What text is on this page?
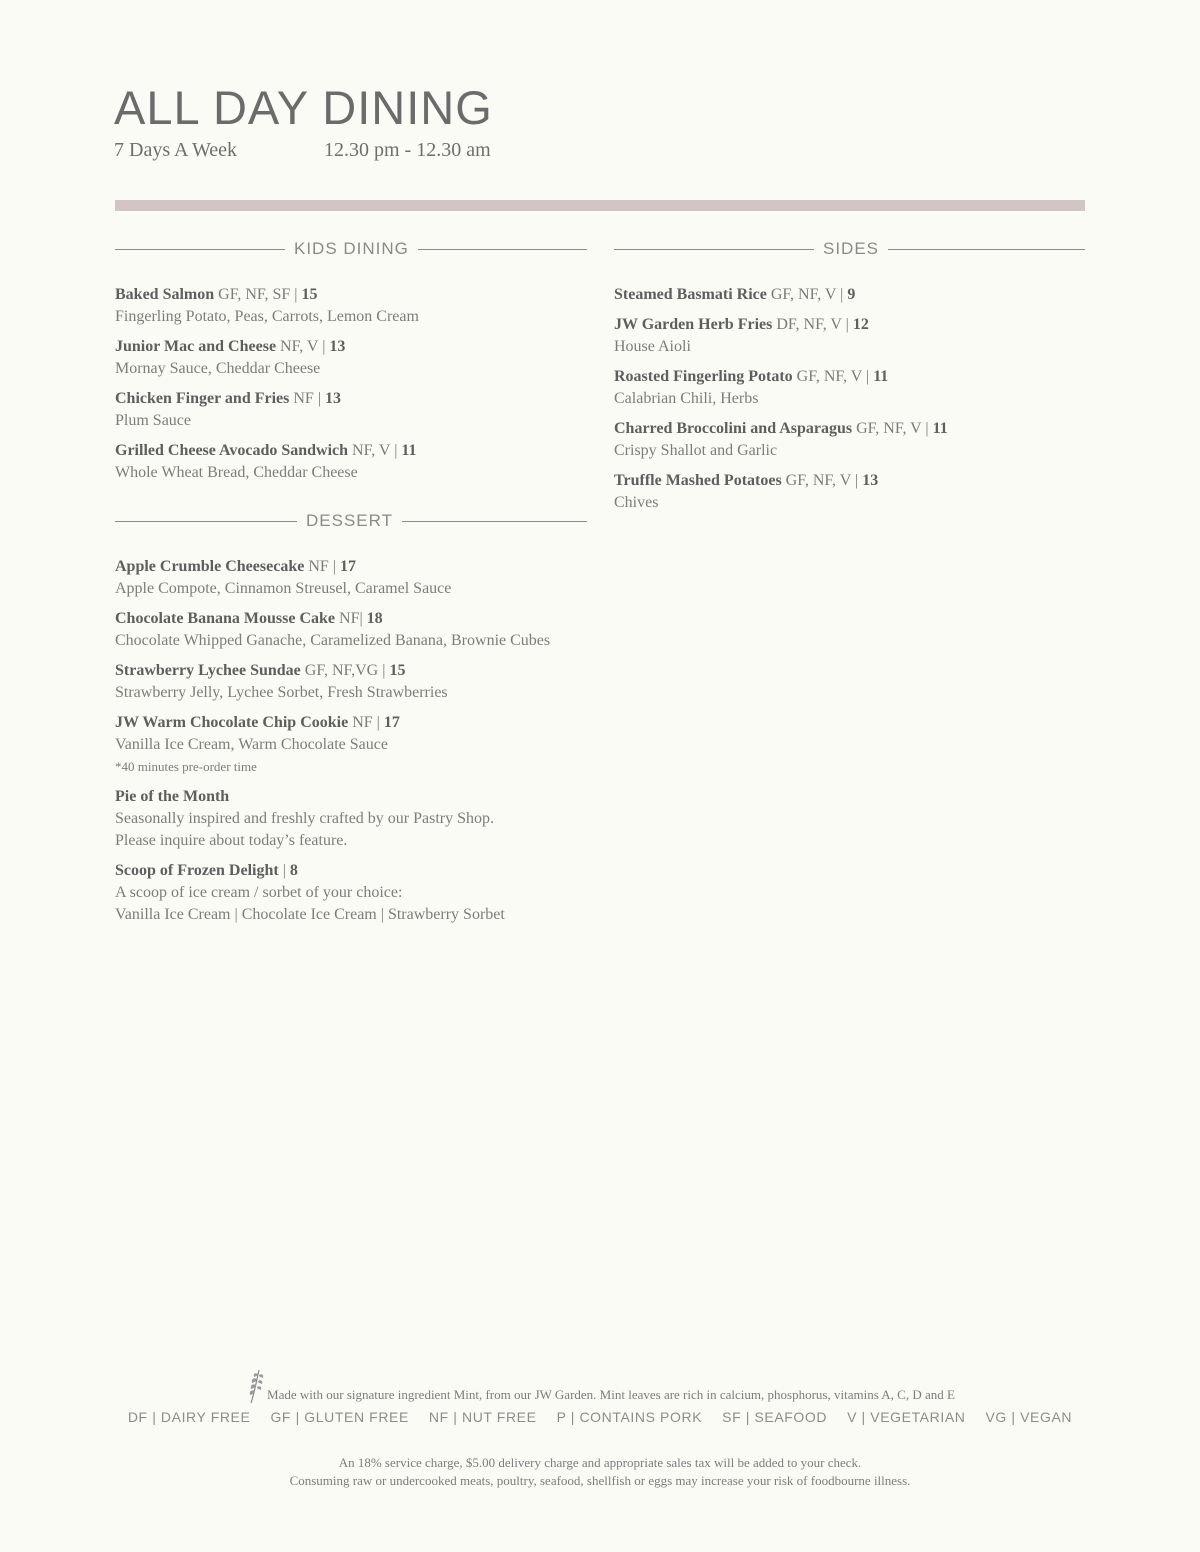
ALL DAY DINING
7 Days A Week	12.30 pm - 12.30 am
KIDS DINING
Baked Salmon GF, NF, SF | 15
Fingerling Potato, Peas, Carrots, Lemon Cream
Junior Mac and Cheese NF, V | 13
Mornay Sauce, Cheddar Cheese
Chicken Finger and Fries NF | 13
Plum Sauce
Grilled Cheese Avocado Sandwich NF, V | 11
Whole Wheat Bread, Cheddar Cheese
DESSERT
Apple Crumble Cheesecake NF | 17
Apple Compote, Cinnamon Streusel, Caramel Sauce
Chocolate Banana Mousse Cake NF| 18
Chocolate Whipped Ganache, Caramelized Banana, Brownie Cubes
Strawberry Lychee Sundae GF, NF,VG | 15
Strawberry Jelly, Lychee Sorbet, Fresh Strawberries
JW Warm Chocolate Chip Cookie NF | 17
Vanilla Ice Cream, Warm Chocolate Sauce
*40 minutes pre-order time
Pie of the Month
Seasonally inspired and freshly crafted by our Pastry Shop.
Please inquire about today’s feature.
Scoop of Frozen Delight | 8
A scoop of ice cream / sorbet of your choice:
Vanilla Ice Cream | Chocolate Ice Cream | Strawberry Sorbet
SIDES
Steamed Basmati Rice GF, NF, V | 9
JW Garden Herb Fries DF, NF, V | 12
House Aioli
Roasted Fingerling Potato GF, NF, V | 11
Calabrian Chili, Herbs
Charred Broccolini and Asparagus GF, NF, V | 11
Crispy Shallot and Garlic
Truffle Mashed Potatoes GF, NF, V | 13
Chives
Made with our signature ingredient Mint, from our JW Garden. Mint leaves are rich in calcium, phosphorus, vitamins A, C, D and E
DF | DAIRY FREE GF | GLUTEN FREE NF | NUT FREE P | CONTAINS PORK SF | SEAFOOD V | VEGETARIAN VG | VEGAN
An 18% service charge, $5.00 delivery charge and appropriate sales tax will be added to your check.
Consuming raw or undercooked meats, poultry, seafood, shellfish or eggs may increase your risk of foodbourne illness.
